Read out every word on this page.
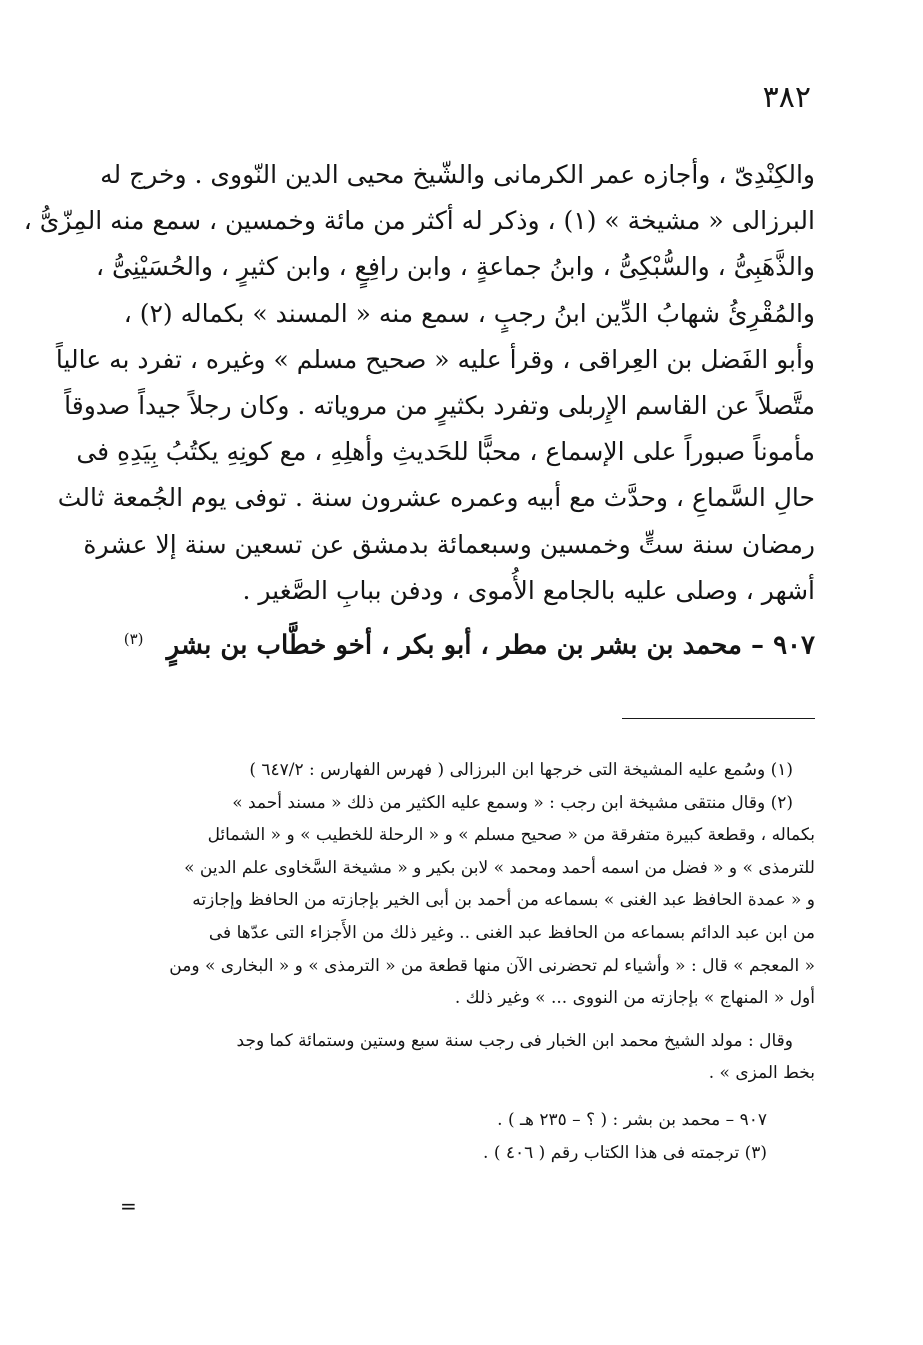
٣٨٢
والكِنْدِىّ ، وأجازه عمر الكرمانى والشّيخ محيى الدين النّووى . وخرج له
البرزالى « مشيخة » (١) ، وذكر له أكثر من مائة وخمسين ، سمع منه المِزّىُّ ،
والذَّهَبِىُّ ، والسُّبْكِىُّ ، وابنُ جماعةٍ ، وابن رافِعٍ ، وابن كثيرٍ ، والحُسَيْنِىُّ ،
والمُقْرِئُ شهابُ الدِّين ابنُ رجبٍ ، سمع منه « المسند » بكماله (٢) ،
وأبو الفَضل بن العِراقى ، وقرأ عليه « صحيح مسلم » وغيره ، تفرد به عالياً
متَّصلاً عن القاسم الإِربلى وتفرد بكثيرٍ من مروياته . وكان رجلاً جيداً صدوقاً
مأموناً صبوراً على الإسماع ، محبًّا للحَديثِ وأهلِهِ ، مع كونِهِ يكتُبُ بِيَدِهِ فى
حالِ السَّماعِ ، وحدَّث مع أبيه وعمره عشرون سنة . توفى يوم الجُمعة ثالث
رمضان سنة ستٍّ وخمسين وسبعمائة بدمشق عن تسعين سنة إلا عشرة
أشهر ، وصلى عليه بالجامع الأُموى ، ودفن ببابِ الصَّغير .
٩٠٧ – محمد بن بشر بن مطر ، أبو بكر ، أخو خطَّاب بن بشرٍ $^{(٣)}$
(١) وسُمع عليه المشيخة التى خرجها ابن البرزالى ( فهرس الفهارس : ٦٤٧/٢ )
(٢) وقال منتقى مشيخة ابن رجب : « وسمع عليه الكثير من ذلك « مسند أحمد »
بكماله ، وقطعة كبيرة متفرقة من « صحيح مسلم » و « الرحلة للخطيب » و « الشمائل
للترمذى » و « فضل من اسمه أحمد ومحمد » لابن بكير و « مشيخة السَّخاوى علم الدين »
و « عمدة الحافظ عبد الغنى » بسماعه من أحمد بن أبى الخير بإجازته من الحافظ وإجازته
من ابن عبد الدائم بسماعه من الحافظ عبد الغنى .. وغير ذلك من الأَجزاء التى عدّها فى
« المعجم » قال : « وأشياء لم تحضرنى الآن منها قطعة من « الترمذى » و « البخارى » ومن
أول « المنهاج » بإجازته من النووى ... » وغير ذلك .
وقال : مولد الشيخ محمد ابن الخبار فى رجب سنة سبع وستين وستمائة كما وجد
بخط المزى » .
٩٠٧ – محمد بن بشر : ( ؟ – ٢٣٥ هـ ) .
(٣) ترجمته فى هذا الكتاب رقم ( ٤٠٦ ) .
=
